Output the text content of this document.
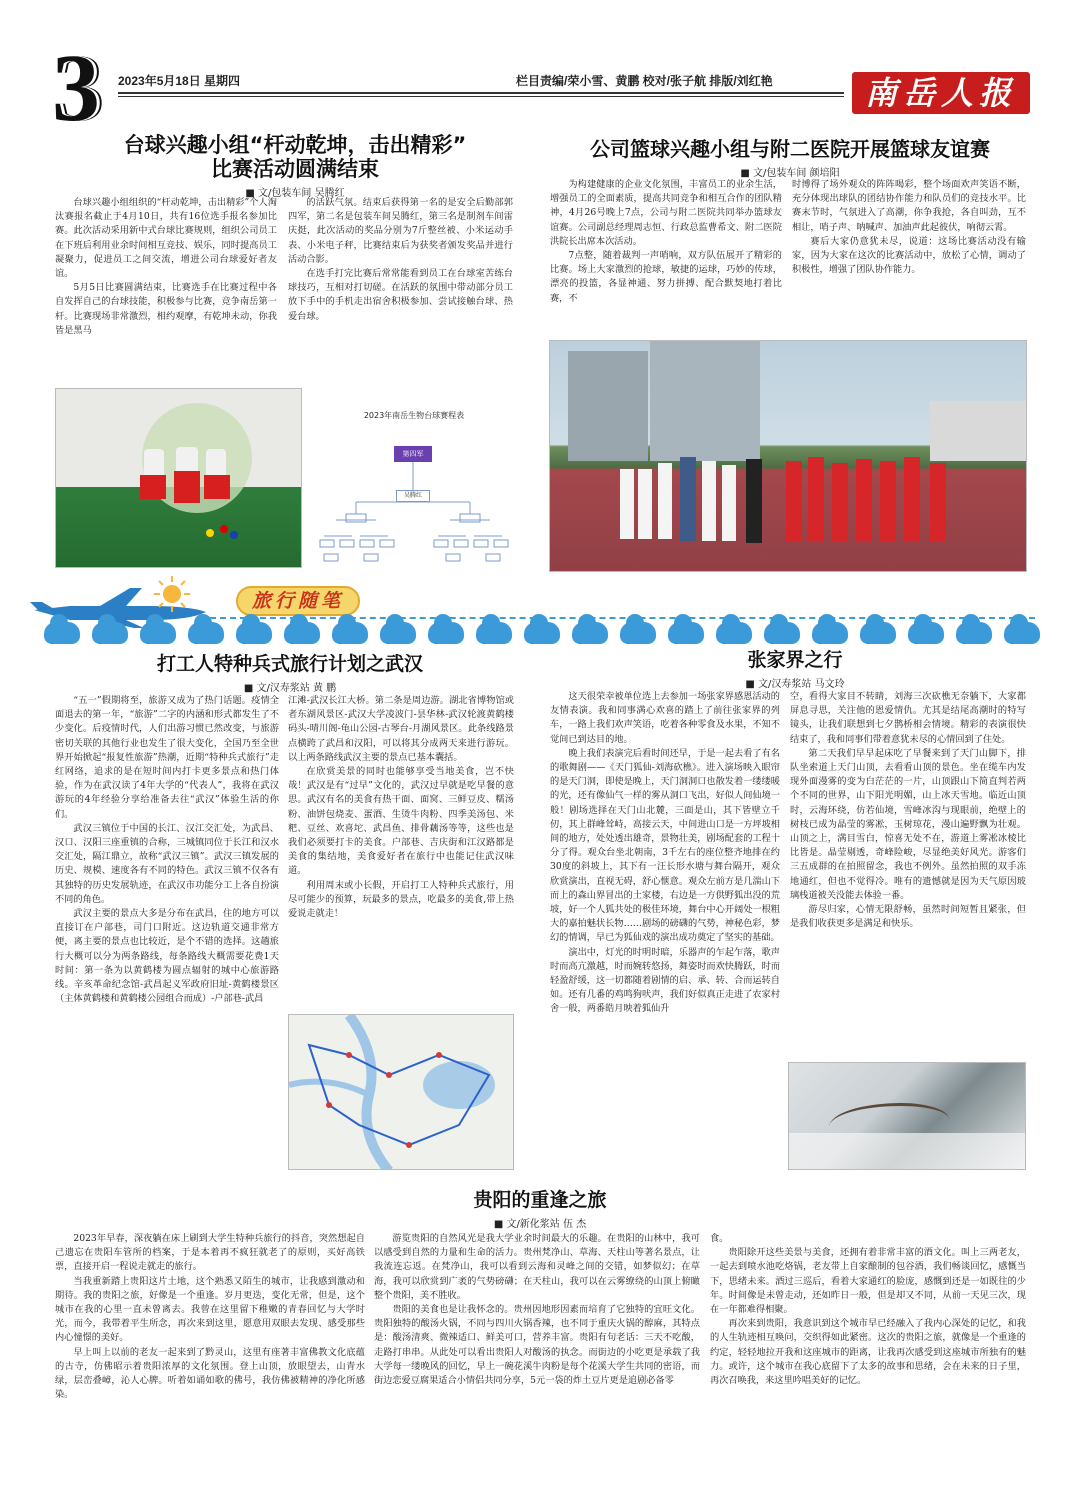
3 2023年5月18日 星期四	栏目责编/荣小雪、黄鹏 校对/张子航 排版/刘红艳	南岳人报
台球兴趣小组“杆动乾坤，击出精彩”
比赛活动圆满结束
■ 文/包装车间 吴腾红

台球兴趣小组组织的“杆动乾坤，击出精彩”个人淘汰赛报名截止于4月10日，共有16位选手报名参加比赛。此次活动采用新中式台球比赛规则，组织公司员工在下班后利用业余时间相互竞技、娱乐，同时提高员工凝聚力，促进员工之间交流，增进公司台球爱好者友谊。

5月5日比赛圆满结束，比赛选手在比赛过程中各自发挥自己的台球技能，积极参与比赛，竞争南岳第一杆。比赛现场非常激烈，相约观摩，有乾坤未动，你我皆是黑马

的活跃气氛。结束后获得第一名的是安全后勤部郭四军，第二名是包装车间吴腾红，第三名是制剂车间雷庆挺，此次活动的奖品分别为7斤整丝被、小米运动手表、小米电子秤，比赛结束后为获奖者颁发奖品并进行活动合影。

在选手打完比赛后常常能看到员工在台球室苦练台球技巧，互相对打切磋。在活跃的氛围中带动部分员工放下手中的手机走出宿舍积极参加、尝试接触台球、热爱台球。

2023年南岳生物台球赛程表
第四军
吴腾红
公司篮球兴趣小组与附二医院开展篮球友谊赛
■ 文/包装车间 颜培阳

为构建健康的企业文化氛围，丰富员工的业余生活，增强员工的全面素质，提高共同竞争和相互合作的团队精神，4月26号晚上7点，公司与附二医院共同举办篮球友谊赛。公司副总经理周志恒、行政总监曹希文、附二医院洪院长出席本次活动。

7点整，随着裁判一声哨响，双方队伍展开了精彩的比赛。场上大家激烈的抢球，敏捷的运球，巧妙的传球，漂亮的投篮，各显神通、努力拼搏、配合默契地打着比赛，不

时博得了场外观众的阵阵喝彩，整个场面欢声笑语不断，充分体现出球队的团结协作能力和队员们的竞技水平。比赛末节时，气氛进入了高潮，你争我抢，各自叫劲，互不相让，哨子声、呐喊声、加油声此起彼伏，响彻云霄。

赛后大家仍意犹未尽，说道：这场比赛活动没有输家，因为大家在这次的比赛活动中，放松了心情，调动了积极性，增强了团队协作能力。

旅行随笔
打工人特种兵式旅行计划之武汉
■ 文/汉寿浆站 黄 鹏

“五一”假期将至，旅游又成为了热门话题。疫情全面退去的第一年，“旅游”二字的内涵和形式都发生了不少变化。后疫情时代，人们出游习惯已然改变，与旅游密切关联的其他行业也发生了很大变化，全国乃至全世界开始掀起“报复性旅游”热潮，近期“特种兵式旅行”走红网络，追求的是在短时间内打卡更多景点和热门体验，作为在武汉读了4年大学的“代表人”，我将在武汉游玩的4年经验分享给准备去往“武汉”体验生活的你们。

武汉三镇位于中国的长江、汉江交汇处，为武昌、汉口、汉阳三座重镇的合称，三城镇同位于长江和汉水交汇处，隔江鼎立，故称“武汉三镇”。武汉三镇发展的历史、规模、速度各有不同的特色。武汉三镇不仅各有其独特的历史发展轨迹，在武汉市功能分工上各自扮演不同的角色。

武汉主要的景点大多是分布在武昌，住的地方可以直接订在户部巷，司门口附近。这边轨道交通非常方便，离主要的景点也比较近，是个不错的选择。这趟旅行大概可以分为两条路线，每条路线大概需要花费1天时间：第一条为以黄鹤楼为圆点辐射的城中心旅游路线。辛亥革命纪念馆-武昌起义军政府旧址-黄鹤楼景区（主体黄鹤楼和黄鹤楼公园组合而成）-户部巷-武昌

江滩-武汉长江大桥。第二条是周边游。湖北省博物馆或者东湖风景区-武汉大学凌波门-昙华林-武汉轮渡黄鹤楼码头-晴川阁-龟山公园-古琴台-月湖风景区。此条线路景点横跨了武昌和汉阳，可以将其分成两天来进行游玩。以上两条路线武汉主要的景点已基本囊括。

在欣赏美景的同时也能够享受当地美食，岂不快哉！武汉是有“过早”文化的，武汉过早就是吃早餐的意思。武汉有名的美食有热干面、面窝、三鲜豆皮、糯汤粉、油饼包烧麦、蛋酒、生烫牛肉粉、四季美汤包、米粑、豆丝、欢喜坨、武昌鱼、排骨藕汤等等，这些也是我们必须要打卡的美食。户部巷、吉庆街和江汉路都是美食的集结地，美食爱好者在旅行中也能记住武汉味道。

利用周末或小长假，开启打工人特种兵式旅行，用尽可能少的预算，玩最多的景点，吃最多的美食,带上热爱说走就走！

张家界之行
■ 文/汉寿浆站 马文玲

这天很荣幸被单位选上去参加一场张家界感恩活动的友情表演。我和同事满心欢喜的踏上了前往张家界的列车，一路上我们欢声笑语，吃着各种零食及水果，不知不觉间已到达目的地。

晚上我们表演完后看时间还早，于是一起去看了有名的歌舞剧——《天门狐仙-刘海砍樵》。进入演场映入眼帘的是天门洞，即使是晚上，天门洞洞口也散发着一缕缕暖的光，还有像仙气一样的雾从洞口飞出，好似人间仙境一般！剧场选择在天门山北麓，三面是山，其下皆壁立千仞，其上群峰耸峙，高接云天，中间进山口是一方坪坡相间的地方，处处透出雄奇，景物壮美，剧场配套的工程十分了得。观众台坐北朝南，3千左右的座位整齐地排在约30度的斜坡上，其下有一汪长形水塘与舞台隔开，观众欣赏演出，直视无碍，舒心惬意。观众左前方是几湍山下而上的森山界冒出的土家楼，右边是一方供野狐出没的荒坡，好一个人狐共处的极佳环境，舞台中心开阔处一根粗大的嘉拍魅状长物……剧场的磅礴的气势，神秘色彩，梦幻的情调，早已为狐仙戏的演出成功奠定了坚实的基础。

演出中，灯光的时明时暗，乐器声的乍起乍落，歌声时而高亢激越，时而婉转悠扬，舞姿时而欢快腾跃，时而轻盈舒缓，这一切都随着剧情的启、承、转、合而运转自如。还有几番的鸡鸣狗吠声，我们好似真正走进了农家村舍一般，两番皓月映着狐仙升

空，看得大家目不转睛，刘海三次砍樵无奈躺下，大家都屏息寻思，关注他的恩爱情仇。尤其是结尾高潮时的特写镜头，让我们联想到七夕鹊桥相会情境。精彩的表演很快结束了，我和同事们带着意犹未尽的心情回到了住处。

第二天我们早早起床吃了早餐来到了天门山脚下，排队坐索道上天门山顶，去看看山顶的景色。坐在缆车内发现外面漫雾的变为白茫茫的一片，山顶跟山下简直判若两个不同的世界，山下阳光明媚，山上冰天雪地。临近山顶时，云海环绕，仿若仙境，雪峰冰沟与现眼前，绝壁上的树枝已成为晶莹的雾凇，玉树琼花，漫山遍野飘为壮观。山顶之上，满目雪白，惊喜无处不在，游道上雾凇冰棱比比皆是。晶莹剔透，奇峰险峻，尽显绝美好风光。游客们三五成群的在拍照留念，我也不例外。虽然拍照的双手冻地通红，但也不觉得冷。唯有的遗憾就是因为天气原因玻璃栈道被关没能去体验一番。

游尽归家，心情无限舒畅，虽然时间短暂且紧张，但是我们收获更多是满足和快乐。

贵阳的重逢之旅
■ 文/新化浆站 伍 杰

2023年早春，深夜躺在床上刷到大学生特种兵旅行的抖音，突然想起自己遗忘在贵阳车管所的档案，于是本着再不疯狂就老了的原则，买好高铁票，直接开启一程说走就走的旅行。

当我重新踏上贵阳这片土地，这个熟悉又陌生的城市，让我感到激动和期待。我的贵阳之旅，好像是一个重逢。岁月更迭，变化无常，但是，这个城市在我的心里一直未曾离去。我曾在这里留下稚嫩的青春回忆与大学时光，而今，我带着平生所念，再次来到这里，愿意用双眼去发现、感受那些内心憧憬的美好。

早上叫上以前的老友一起来到了黔灵山，这里有座著丰富佛教文化底蕴的古寺，仿佛昭示着贵阳浓厚的文化氛围。登上山顶，放眼望去，山青水绿，层峦叠嶂，沁人心脾。听着如诵如歌的佛号，我仿佛被精神的净化所感染。

游览贵阳的自然风光是我大学业余时间最大的乐趣。在贵阳的山林中，我可以感受到自然的力量和生命的活力。贵州梵净山、草海、天柱山等著名景点，让我流连忘返。在梵净山，我可以看到云海和灵峰之间的交错，如梦似幻；在草海，我可以欣赏到广袤的气势磅礴；在天柱山，我可以在云雾缭绕的山顶上俯瞰整个贵阳，美不胜收。

贵阳的美食也是让我怀念的。贵州因地形因素而培育了它独特的宜旺文化。贵阳独特的酸汤火锅，不同与四川火锅香辣，也不同于重庆火锅的醇麻，其特点是：酸汤清爽、微辣适口、鲜美可口，营养丰富。贵阳有句老话：三天不吃酸，走路打串串。从此处可以看出贵阳人对酸汤的执念。而街边的小吃更是承载了我大学每一缕晚风的回忆，早上一碗花溪牛肉粉是每个花溪大学生共同的密语，而街边恋爱豆腐果适合小情侣共同分享，5元一袋的炸土豆片更是追剧必备零

食。

贵阳除开这些美景与美食，还拥有着非常丰富的酒文化。叫上三两老友，一起去到喷水池吃烙锅，老友带上自家酿制的包谷酒，我们畅谈回忆，感慨当下，思绪未来。酒过三巡后，看着大家通红的脸庞，感慨到还是一如既往的少年。时间像是未曾走动，还如昨日一般，但是却又不同，从前一天见三次，现在一年都难得相聚。

再次来到贵阳，我意识到这个城市早已经融入了我内心深处的记忆，和我的人生轨迹相互唤问，交织得如此紧密。这次的贵阳之旅，就像是一个重逢的约定，轻轻地拉开我和这座城市的距离，让我再次感受到这座城市所独有的魅力。或许，这个城市在我心底留下了太多的故事和思绪，会在未来的日子里，再次召唤我，来这里吟唱美好的记忆。
